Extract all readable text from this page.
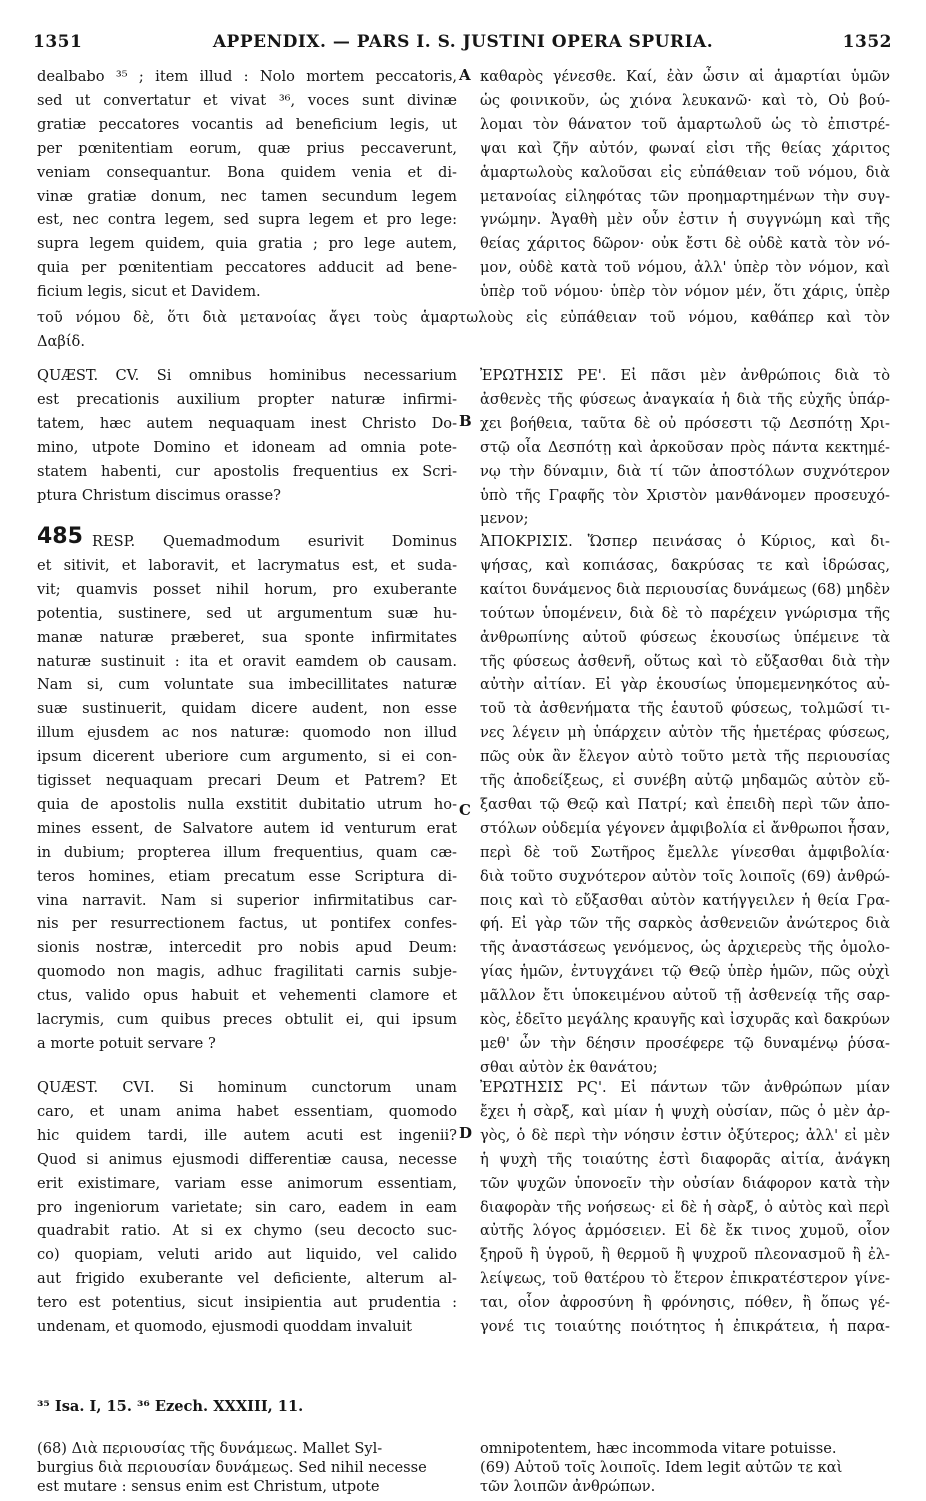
1351	APPENDIX. — PARS I. S. JUSTINI OPERA SPURIA.	1352
dealbabo ³⁵ ; item illud : Nolo mortem peccatoris,
sed ut convertatur et vivat ³⁶, voces sunt divinæ
gratiæ peccatores vocantis ad beneficium legis, ut
per pœnitentiam eorum, quæ prius peccaverunt,
veniam consequantur. Bona quidem venia et di-
vinæ gratiæ donum, nec tamen secundum legem
est, nec contra legem, sed supra legem et pro lege:
supra legem quidem, quia gratia ; pro lege autem,
quia per pœnitentiam peccatores adducit ad bene-
ficium legis, sicut et Davidem.
καθαρὸς γένεσθε. Καί, ἐὰν ὦσιν αἱ ἁμαρτίαι ὑμῶν
ὡς φοινικοῦν, ὡς χιόνα λευκανῶ· καὶ τὸ, Οὐ βού-
λομαι τὸν θάνατον τοῦ ἁμαρτωλοῦ ὡς τὸ ἐπιστρέ-
ψαι καὶ ζῆν αὐτόν, φωναί εἰσι τῆς θείας χάριτος
ἁμαρτωλοὺς καλοῦσαι εἰς εὐπάθειαν τοῦ νόμου, διὰ
μετανοίας εἰληφότας τῶν προημαρτημένων τὴν συγ-
γνώμην. Ἀγαθὴ μὲν οὖν ἐστιν ἡ συγγνώμη καὶ τῆς
θείας χάριτος δῶρον· οὐκ ἔστι δὲ οὐδὲ κατὰ τὸν νό-
μον, οὐδὲ κατὰ τοῦ νόμου, ἀλλ' ὑπὲρ τὸν νόμον, καὶ
ὑπὲρ τοῦ νόμου· ὑπὲρ τὸν νόμον μέν, ὅτι χάρις, ὑπὲρ
τοῦ νόμου δὲ, ὅτι διὰ μετανοίας ἄγει τοὺς ἁμαρτωλοὺς εἰς εὐπάθειαν τοῦ νόμου, καθάπερ καὶ τὸν
Δαβίδ.
QUÆST. CV. Si omnibus hominibus necessarium
est precationis auxilium propter naturæ infirmi-
tatem, hæc autem nequaquam inest Christo Do-
mino, utpote Domino et idoneam ad omnia pote-
statem habenti, cur apostolis frequentius ex Scri-
ptura Christum discimus orasse?
ἘΡΩΤΗΣΙΣ ΡΕ'. Εἰ πᾶσι μὲν ἀνθρώποις διὰ τὸ
ἀσθενὲς τῆς φύσεως ἀναγκαία ἡ διὰ τῆς εὐχῆς ὑπάρ-
χει βοήθεια, ταῦτα δὲ οὐ πρόσεστι τῷ Δεσπότῃ Χρι-
στῷ οἷα Δεσπότῃ καὶ ἀρκοῦσαν πρὸς πάντα κεκτημέ-
νῳ τὴν δύναμιν, διὰ τί τῶν ἀποστόλων συχνότερον
ὑπὸ τῆς Γραφῆς τὸν Χριστὸν μανθάνομεν προσευχό-
μενον;
RESP. Quemadmodum esurivit Dominus
et sitivit, et laboravit, et lacrymatus est, et suda-
vit; quamvis posset nihil horum, pro exuberante
potentia, sustinere, sed ut argumentum suæ hu-
manæ naturæ præberet, sua sponte infirmitates
naturæ sustinuit : ita et oravit eamdem ob causam.
Nam si, cum voluntate sua imbecillitates naturæ
suæ sustinuerit, quidam dicere audent, non esse
illum ejusdem ac nos naturæ: quomodo non illud
ipsum dicerent uberiore cum argumento, si ei con-
tigisset nequaquam precari Deum et Patrem? Et
quia de apostolis nulla exstitit dubitatio utrum ho-
mines essent, de Salvatore autem id venturum erat
in dubium; propterea illum frequentius, quam cæ-
teros homines, etiam precatum esse Scriptura di-
vina narravit. Nam si superior infirmitatibus car-
nis per resurrectionem factus, ut pontifex confes-
sionis nostræ, intercedit pro nobis apud Deum:
quomodo non magis, adhuc fragilitati carnis subje-
ctus, valido opus habuit et vehementi clamore et
lacrymis, cum quibus preces obtulit ei, qui ipsum
a morte potuit servare ?
ἈΠΟΚΡΙΣΙΣ. Ὥσπερ πεινάσας ὁ Κύριος, καὶ δι-
ψήσας, καὶ κοπιάσας, δακρύσας τε καὶ ἱδρώσας,
καίτοι δυνάμενος διὰ περιουσίας δυνάμεως (68) μηδὲν
τούτων ὑπομένειν, διὰ δὲ τὸ παρέχειν γνώρισμα τῆς
ἀνθρωπίνης αὐτοῦ φύσεως ἑκουσίως ὑπέμεινε τὰ
τῆς φύσεως ἀσθενῆ, οὕτως καὶ τὸ εὔξασθαι διὰ τὴν
αὐτὴν αἰτίαν. Εἰ γὰρ ἑκουσίως ὑπομεμενηκότος αὐ-
τοῦ τὰ ἀσθενήματα τῆς ἑαυτοῦ φύσεως, τολμῶσί τι-
νες λέγειν μὴ ὑπάρχειν αὐτὸν τῆς ἡμετέρας φύσεως,
πῶς οὐκ ἂν ἔλεγον αὐτὸ τοῦτο μετὰ τῆς περιουσίας
τῆς ἀποδείξεως, εἰ συνέβη αὐτῷ μηδαμῶς αὐτὸν εὔ-
ξασθαι τῷ Θεῷ καὶ Πατρί; καὶ ἐπειδὴ περὶ τῶν ἀπο-
στόλων οὐδεμία γέγονεν ἀμφιβολία εἰ ἄνθρωποι ἦσαν,
περὶ δὲ τοῦ Σωτῆρος ἔμελλε γίνεσθαι ἀμφιβολία·
διὰ τοῦτο συχνότερον αὐτὸν τοῖς λοιποῖς (69) ἀνθρώ-
ποις καὶ τὸ εὔξασθαι αὐτὸν κατήγγειλεν ἡ θεία Γρα-
φή. Εἰ γὰρ τῶν τῆς σαρκὸς ἀσθενειῶν ἀνώτερος διὰ
τῆς ἀναστάσεως γενόμενος, ὡς ἀρχιερεὺς τῆς ὁμολο-
γίας ἡμῶν, ἐντυγχάνει τῷ Θεῷ ὑπὲρ ἡμῶν, πῶς οὐχὶ
μᾶλλον ἔτι ὑποκειμένου αὐτοῦ τῇ ἀσθενείᾳ τῆς σαρ-
κὸς, ἐδεῖτο μεγάλης κραυγῆς καὶ ἰσχυρᾶς καὶ δακρύων
μεθ' ὧν τὴν δέησιν προσέφερε τῷ δυναμένῳ ῥύσα-
σθαι αὐτὸν ἐκ θανάτου;
QUÆST. CVI. Si hominum cunctorum unam
caro, et unam anima habet essentiam, quomodo
hic quidem tardi, ille autem acuti est ingenii?
Quod si animus ejusmodi differentiæ causa, necesse
erit existimare, variam esse animorum essentiam,
pro ingeniorum varietate; sin caro, eadem in eam
quadrabit ratio. At si ex chymo (seu decocto suc-
co) quopiam, veluti arido aut liquido, vel calido
aut frigido exuberante vel deficiente, alterum al-
tero est potentius, sicut insipientia aut prudentia :
undenam, et quomodo, ejusmodi quoddam invaluit
ἘΡΩΤΗΣΙΣ ΡϚ'. Εἰ πάντων τῶν ἀνθρώπων μίαν
ἔχει ἡ σὰρξ, καὶ μίαν ἡ ψυχὴ οὐσίαν, πῶς ὁ μὲν ἀρ-
γὸς, ὁ δὲ περὶ τὴν νόησιν ἐστιν ὀξύτερος; ἀλλ' εἰ μὲν
ἡ ψυχὴ τῆς τοιαύτης ἐστὶ διαφορᾶς αἰτία, ἀνάγκη
τῶν ψυχῶν ὑπονοεῖν τὴν οὐσίαν διάφορον κατὰ τὴν
διαφορὰν τῆς νοήσεως· εἰ δὲ ἡ σὰρξ, ὁ αὐτὸς καὶ περὶ
αὐτῆς λόγος ἁρμόσειεν. Εἰ δὲ ἔκ τινος χυμοῦ, οἷον
ξηροῦ ἢ ὑγροῦ, ἢ θερμοῦ ἢ ψυχροῦ πλεονασμοῦ ἢ ἐλ-
λείψεως, τοῦ θατέρου τὸ ἕτερον ἐπικρατέστερον γίνε-
ται, οἷον ἀφροσύνη ἢ φρόνησις, πόθεν, ἢ ὅπως γέ-
γονέ τις τοιαύτης ποιότητος ἡ ἐπικράτεια, ἡ παρα-
485
A
B
C
D
³⁵ Isa. I, 15. ³⁶ Ezech. XXXIII, 11.
(68) Διὰ περιουσίας τῆς δυνάμεως. Mallet Syl-
burgius διὰ περιουσίαν δυνάμεως. Sed nihil necesse
est mutare : sensus enim est Christum, utpote
omnipotentem, hæc incommoda vitare potuisse.
(69) Αὐτοῦ τοῖς λοιποῖς. Idem legit αὐτῶν τε καὶ
τῶν λοιπῶν ἀνθρώπων.
